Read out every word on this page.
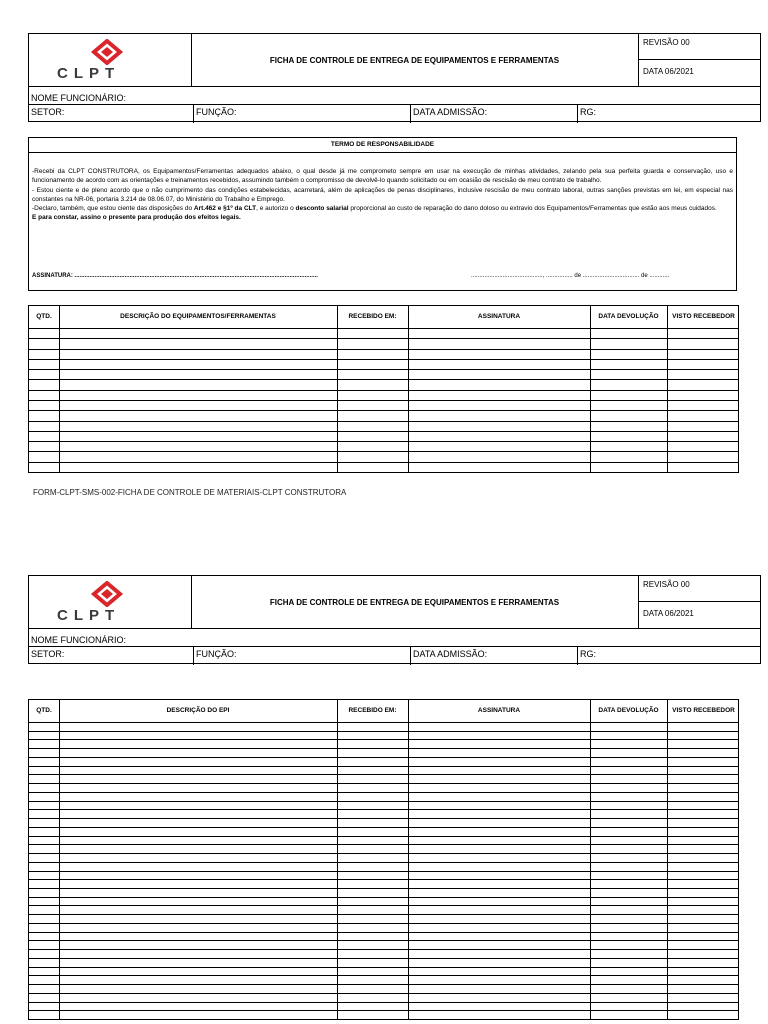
CLPT
FICHA DE CONTROLE DE ENTREGA DE EQUIPAMENTOS E FERRAMENTAS
REVISÃO 00
DATA 06/2021
NOME FUNCIONÁRIO:
SETOR:	FUNÇÃO:	DATA ADMISSÃO:	RG:
TERMO DE RESPONSABILIDADE

-Recebi da CLPT CONSTRUTORA, os Equipamentos/Ferramentas adequados abaixo, o qual desde já me comprometo sempre em usar na execução de minhas atividades, zelando pela sua perfeita guarda e conservação, uso e funcionamento de acordo com as orientações e treinamentos recebidos, assumindo também o compromisso de devolvê-lo quando solicitado ou em ocasião de rescisão de meu contrato de trabalho.

- Estou ciente e de pleno acordo que o não cumprimento das condições estabelecidas, acarretará, além de aplicações de penas disciplinares, inclusive rescisão de meu contrato laboral, outras sanções previstas em lei, em especial nas constantes na NR-06, portaria 3.214 de 08.06.07, do Ministério do Trabalho e Emprego.

-Declaro, também, que estou ciente das disposições do Art.462 e §1º da CLT, e autorizo o desconto salarial proporcional ao custo de reparação do dano doloso ou extravio dos Equipamentos/Ferramentas que estão aos meus cuidados.

E para constar, assino o presente para produção dos efeitos legais.

ASSINATURA: ..................................................................................................................................................	..........................................., ................ de .................................. de ............
QTD.	DESCRIÇÃO DO EQUIPAMENTOS/FERRAMENTAS	RECEBIDO EM:	ASSINATURA	DATA DEVOLUÇÃO	VISTO RECEBEDOR
FORM-CLPT-SMS-002-FICHA DE CONTROLE DE MATERIAIS-CLPT CONSTRUTORA
CLPT
FICHA DE CONTROLE DE ENTREGA DE EQUIPAMENTOS E FERRAMENTAS
REVISÃO 00
DATA 06/2021
NOME FUNCIONÁRIO:
SETOR:	FUNÇÃO:	DATA ADMISSÃO:	RG:
QTD.	DESCRIÇÃO DO EPI	RECEBIDO EM:	ASSINATURA	DATA DEVOLUÇÃO	VISTO RECEBEDOR
